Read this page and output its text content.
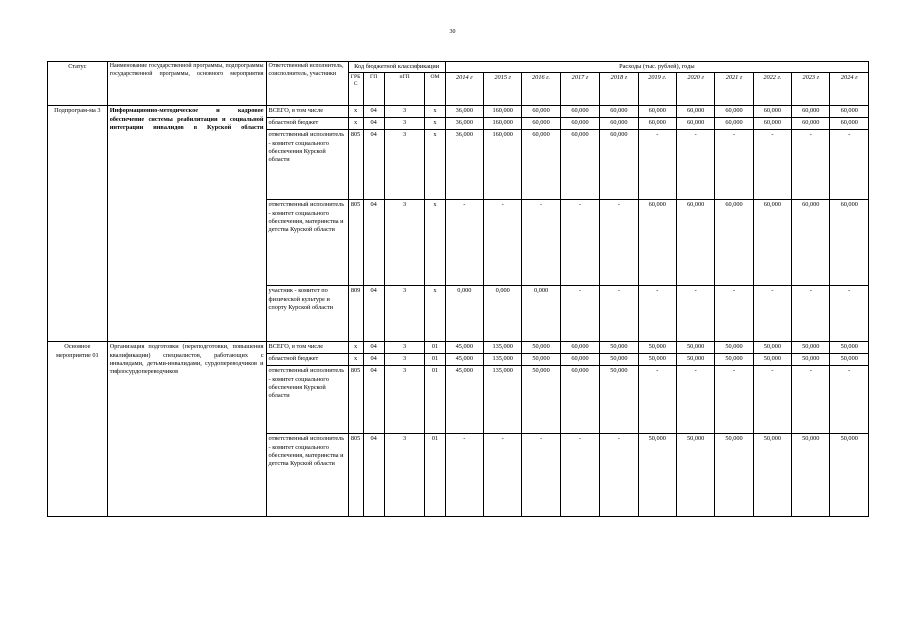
30
Статус	Наименование государственной программы, подпрограммы государственной программы, основного мероприятия	Ответственный исполнитель, соисполнитель, участники	Код бюджетной классификации				Расходы (тыс. рублей), годы										
			ГРБС	ГП	пГП	ОМ	2014 г	2015 г	2016 г.	2017 г	2018 г	2019 г.	2020 г	2021 г	2022 г.	2023 г	2024 г
Подпрограм-ма 3	Информационно-методическое и кадровое обеспечение системы реабилитации и социальной интеграции инвалидов в Курской области	ВСЕГО, в том числе	х	04	3	х	36,000	160,000	60,000	60,000	60,000	60,000	60,000	60,000	60,000	60,000	60,000
		областной бюджет	х	04	3	х	36,000	160,000	60,000	60,000	60,000	60,000	60,000	60,000	60,000	60,000	60,000
		ответственный исполнитель - комитет социального обеспечения Курской области	805	04	3	х	36,000	160,000	60,000	60,000	60,000	-	-	-	-	-	-
		ответственный исполнитель - комитет социального обеспечения, материнства и детства Курской области	805	04	3	х	-	-	-	-	-	60,000	60,000	60,000	60,000	60,000	60,000
		участник - комитет по физической культуре и спорту Курской области	809	04	3	х	0,000	0,000	0,000	-	-	-	-	-	-	-	-
Основное мероприятие 01	Организация подготовки (переподготовки, повышения квалификации) специалистов, работающих с инвалидами, детьми-инвалидами, сурдопереводчиков и тифлосурдопереводчиков	ВСЕГО, в том числе	х	04	3	01	45,000	135,000	50,000	60,000	50,000	50,000	50,000	50,000	50,000	50,000	50,000
		областной бюджет	х	04	3	01	45,000	135,000	50,000	60,000	50,000	50,000	50,000	50,000	50,000	50,000	50,000
		ответственный исполнитель - комитет социального обеспечения Курской области	805	04	3	01	45,000	135,000	50,000	60,000	50,000	-	-	-	-	-	-
		ответственный исполнитель - комитет социального обеспечения, материнства и детства Курской области	805	04	3	01	-	-	-	-	-	50,000	50,000	50,000	50,000	50,000	50,000
